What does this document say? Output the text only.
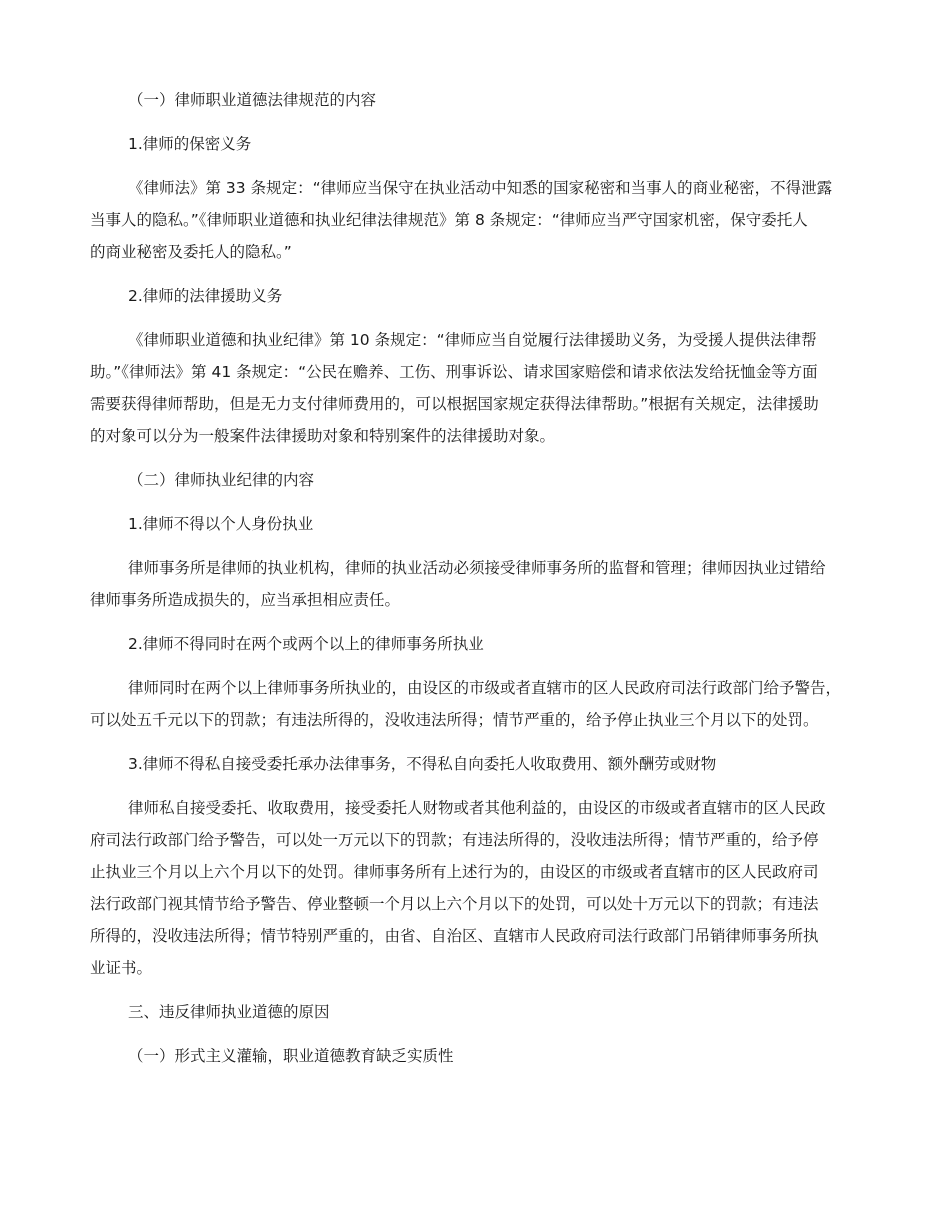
（一）律师职业道德法律规范的内容
1.律师的保密义务
《律师法》第 33 条规定：“律师应当保守在执业活动中知悉的国家秘密和当事人的商业秘密，不得泄露
当事人的隐私。”《律师职业道德和执业纪律法律规范》第 8 条规定：“律师应当严守国家机密，保守委托人
的商业秘密及委托人的隐私。”
2.律师的法律援助义务
《律师职业道德和执业纪律》第 10 条规定：“律师应当自觉履行法律援助义务，为受援人提供法律帮
助。”《律师法》第 41 条规定：“公民在赡养、工伤、刑事诉讼、请求国家赔偿和请求依法发给抚恤金等方面
需要获得律师帮助，但是无力支付律师费用的，可以根据国家规定获得法律帮助。”根据有关规定，法律援助
的对象可以分为一般案件法律援助对象和特别案件的法律援助对象。
（二）律师执业纪律的内容
1.律师不得以个人身份执业
律师事务所是律师的执业机构，律师的执业活动必须接受律师事务所的监督和管理；律师因执业过错给
律师事务所造成损失的，应当承担相应责任。
2.律师不得同时在两个或两个以上的律师事务所执业
律师同时在两个以上律师事务所执业的，由设区的市级或者直辖市的区人民政府司法行政部门给予警告，
可以处五千元以下的罚款；有违法所得的，没收违法所得；情节严重的，给予停止执业三个月以下的处罚。
3.律师不得私自接受委托承办法律事务，不得私自向委托人收取费用、额外酬劳或财物
律师私自接受委托、收取费用，接受委托人财物或者其他利益的，由设区的市级或者直辖市的区人民政
府司法行政部门给予警告，可以处一万元以下的罚款；有违法所得的，没收违法所得；情节严重的，给予停
止执业三个月以上六个月以下的处罚。律师事务所有上述行为的，由设区的市级或者直辖市的区人民政府司
法行政部门视其情节给予警告、停业整顿一个月以上六个月以下的处罚，可以处十万元以下的罚款；有违法
所得的，没收违法所得；情节特别严重的，由省、自治区、直辖市人民政府司法行政部门吊销律师事务所执
业证书。
三、违反律师执业道德的原因
（一）形式主义灌输，职业道德教育缺乏实质性
